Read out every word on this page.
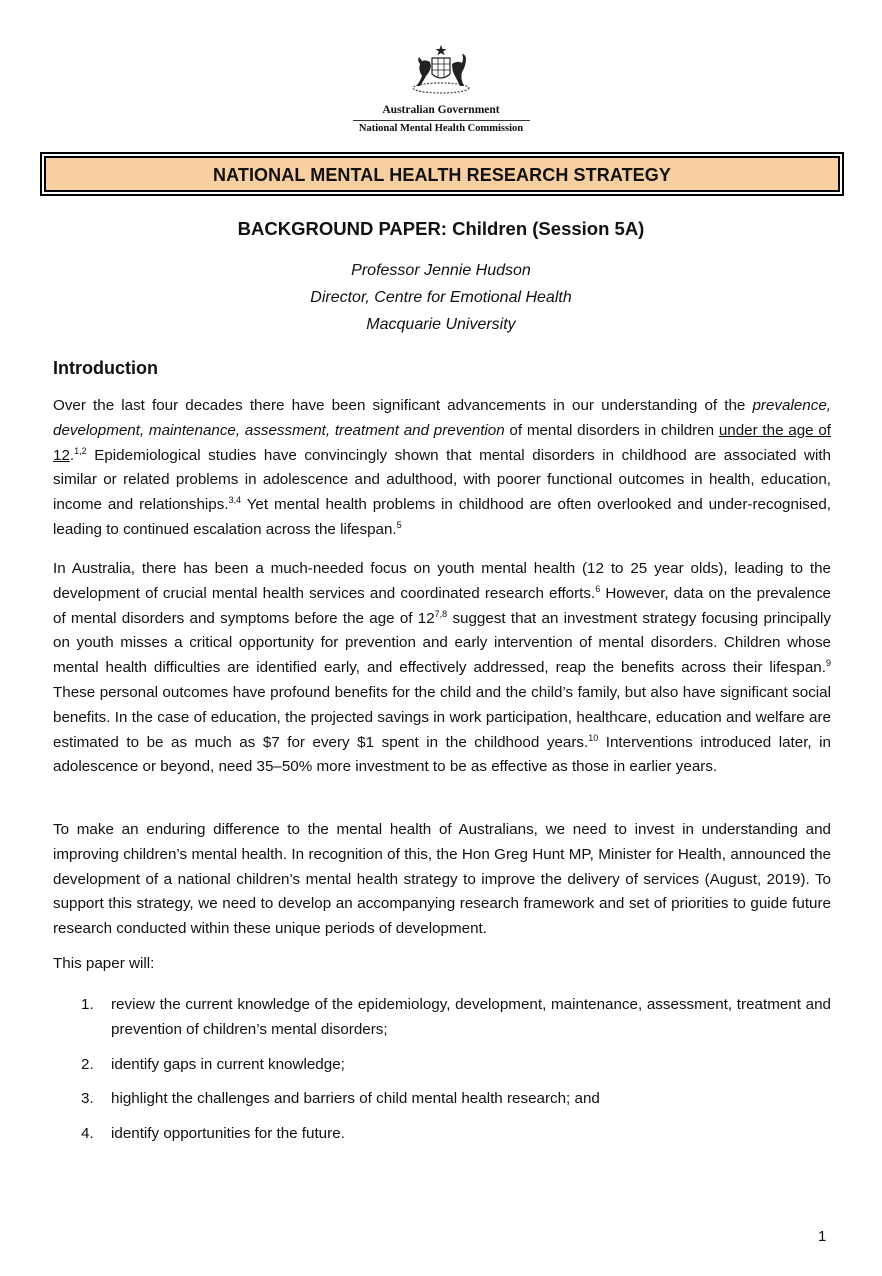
Australian Government
National Mental Health Commission
NATIONAL MENTAL HEALTH RESEARCH STRATEGY
BACKGROUND PAPER: Children (Session 5A)
Professor Jennie Hudson
Director, Centre for Emotional Health
Macquarie University
Introduction

Over the last four decades there have been significant advancements in our understanding of the prevalence, development, maintenance, assessment, treatment and prevention of mental disorders in children under the age of 12.$^{1,2}$ Epidemiological studies have convincingly shown that mental disorders in childhood are associated with similar or related problems in adolescence and adulthood, with poorer functional outcomes in health, education, income and relationships.$^{3,4}$ Yet mental health problems in childhood are often overlooked and under-recognised, leading to continued escalation across the lifespan.$^5$

In Australia, there has been a much-needed focus on youth mental health (12 to 25 year olds), leading to the development of crucial mental health services and coordinated research efforts.$^6$ However, data on the prevalence of mental disorders and symptoms before the age of 12$^{7,8}$ suggest that an investment strategy focusing principally on youth misses a critical opportunity for prevention and early intervention of mental disorders. Children whose mental health difficulties are identified early, and effectively addressed, reap the benefits across their lifespan.$^9$ These personal outcomes have profound benefits for the child and the child’s family, but also have significant social benefits. In the case of education, the projected savings in work participation, healthcare, education and welfare are estimated to be as much as $7 for every $1 spent in the childhood years.$^{10}$ Interventions introduced later, in adolescence or beyond, need 35–50% more investment to be as effective as those in earlier years.

To make an enduring difference to the mental health of Australians, we need to invest in understanding and improving children’s mental health. In recognition of this, the Hon Greg Hunt MP, Minister for Health, announced the development of a national children’s mental health strategy to improve the delivery of services (August, 2019). To support this strategy, we need to develop an accompanying research framework and set of priorities to guide future research conducted within these unique periods of development.

This paper will:
1. review the current knowledge of the epidemiology, development, maintenance, assessment, treatment and prevention of children’s mental disorders;
2. identify gaps in current knowledge;
3. highlight the challenges and barriers of child mental health research; and
4. identify opportunities for the future.
1
